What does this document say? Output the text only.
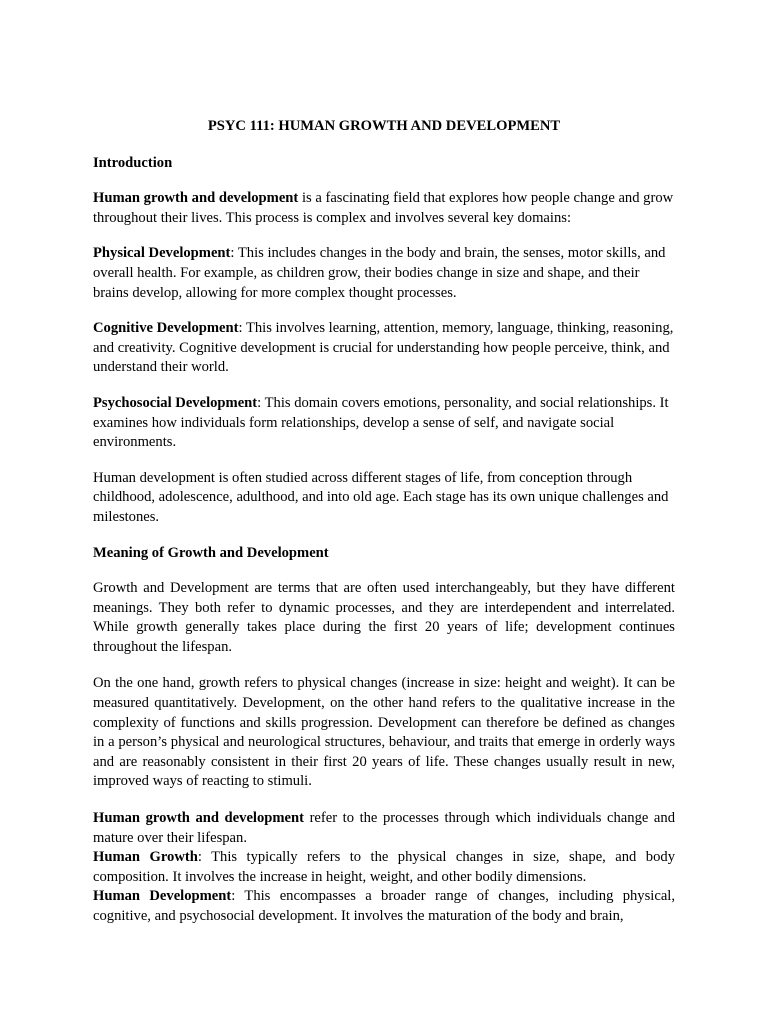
PSYC 111: HUMAN GROWTH AND DEVELOPMENT

Introduction

Human growth and development is a fascinating field that explores how people change and grow throughout their lives. This process is complex and involves several key domains:

Physical Development: This includes changes in the body and brain, the senses, motor skills, and overall health. For example, as children grow, their bodies change in size and shape, and their brains develop, allowing for more complex thought processes.

Cognitive Development: This involves learning, attention, memory, language, thinking, reasoning, and creativity. Cognitive development is crucial for understanding how people perceive, think, and understand their world.

Psychosocial Development: This domain covers emotions, personality, and social relationships. It examines how individuals form relationships, develop a sense of self, and navigate social environments.

Human development is often studied across different stages of life, from conception through childhood, adolescence, adulthood, and into old age. Each stage has its own unique challenges and milestones.

Meaning of Growth and Development

Growth and Development are terms that are often used interchangeably, but they have different meanings. They both refer to dynamic processes, and they are interdependent and interrelated. While growth generally takes place during the first 20 years of life; development continues throughout the lifespan.

On the one hand, growth refers to physical changes (increase in size: height and weight). It can be measured quantitatively. Development, on the other hand refers to the qualitative increase in the complexity of functions and skills progression. Development can therefore be defined as changes in a person’s physical and neurological structures, behaviour, and traits that emerge in orderly ways and are reasonably consistent in their first 20 years of life. These changes usually result in new, improved ways of reacting to stimuli.

Human growth and development refer to the processes through which individuals change and mature over their lifespan.

Human Growth: This typically refers to the physical changes in size, shape, and body composition. It involves the increase in height, weight, and other bodily dimensions.

Human Development: This encompasses a broader range of changes, including physical, cognitive, and psychosocial development. It involves the maturation of the body and brain,
